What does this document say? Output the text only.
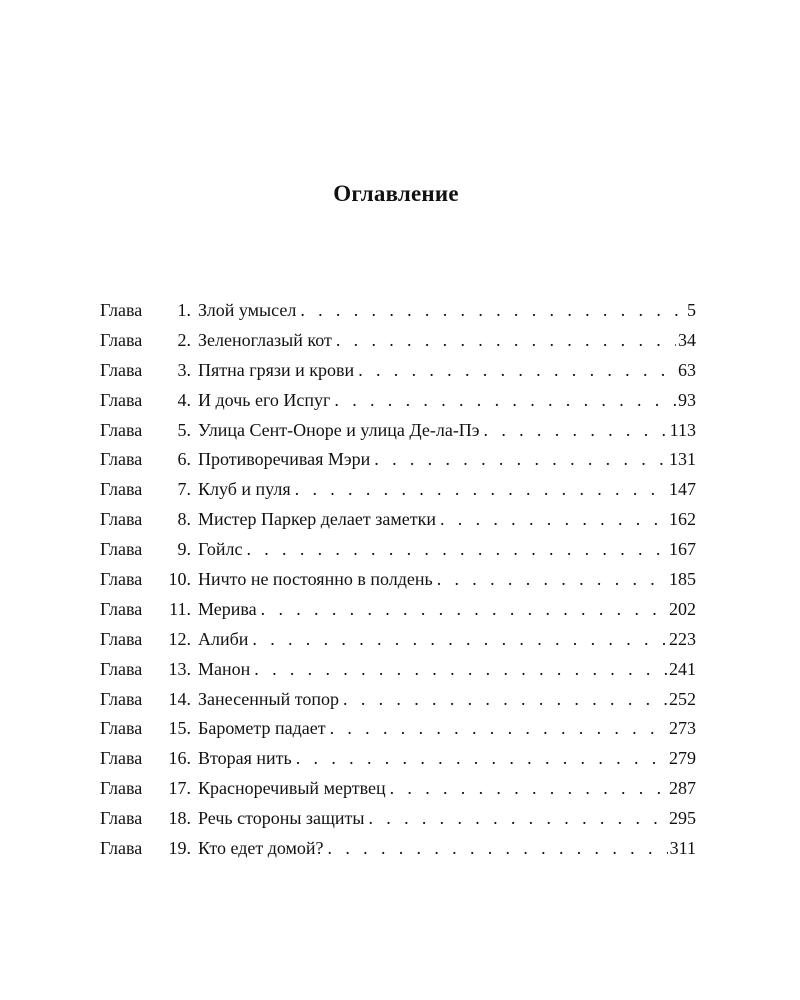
Оглавление
Глава	1. Злой умысел . . .	5
Глава	2. Зеленоглазый кот . . .	34
Глава	3. Пятна грязи и крови . . .	63
Глава	4. И дочь его Испуг . . .	93
Глава	5. Улица Сент-Оноре и улица Де-ла-Пэ . . .	113
Глава	6. Противоречивая Мэри . . .	131
Глава	7. Клуб и пуля . . .	147
Глава	8. Мистер Паркер делает заметки . . .	162
Глава	9. Гойлс . . .	167
Глава	10. Ничто не постоянно в полдень . . .	185
Глава	11. Мерива . . .	202
Глава	12. Алиби . . .	223
Глава	13. Манон . . .	241
Глава	14. Занесенный топор . . .	252
Глава	15. Барометр падает . . .	273
Глава	16. Вторая нить . . .	279
Глава	17. Красноречивый мертвец . . .	287
Глава	18. Речь стороны защиты . . .	295
Глава	19. Кто едет домой? . . .	311
